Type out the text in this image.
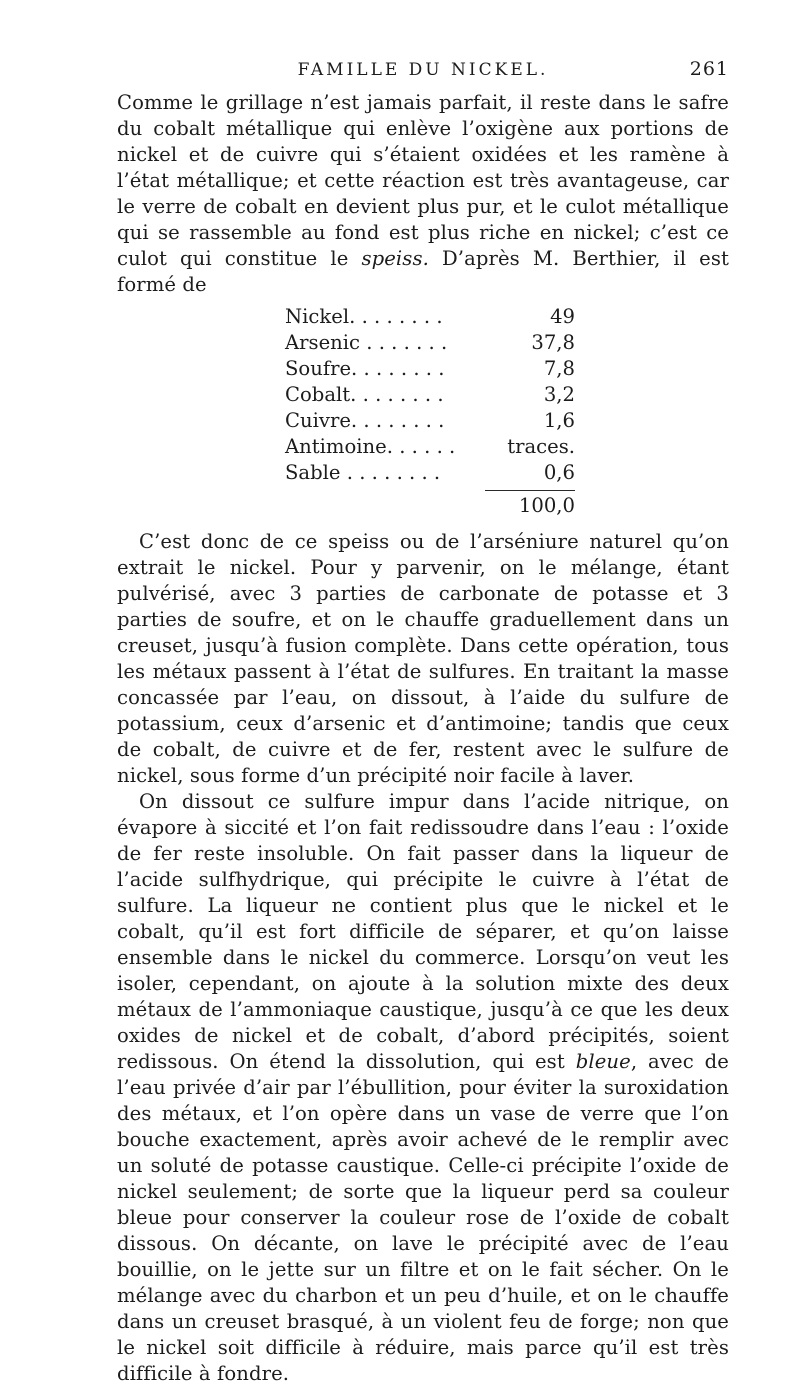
FAMILLE DU NICKEL.	261

Comme le grillage n’est jamais parfait, il reste dans le safre du cobalt métallique qui enlève l’oxigène aux portions de nickel et de cuivre qui s’étaient oxidées et les ramène à l’état métallique; et cette réaction est très avantageuse, car le verre de cobalt en devient plus pur, et le culot métallique qui se rassemble au fond est plus riche en nickel; c’est ce culot qui constitue le speiss. D’après M. Berthier, il est formé de

Nickel. . . . . . . .	49
Arsenic . . . . . . .	37,8
Soufre. . . . . . . .	7,8
Cobalt. . . . . . . .	3,2
Cuivre. . . . . . . .	1,6
Antimoine. . . . . .	traces.
Sable . . . . . . . .	0,6
100,0

C’est donc de ce speiss ou de l’arséniure naturel qu’on extrait le nickel. Pour y parvenir, on le mélange, étant pulvérisé, avec 3 parties de carbonate de potasse et 3 parties de soufre, et on le chauffe graduellement dans un creuset, jusqu’à fusion complète. Dans cette opération, tous les métaux passent à l’état de sulfures. En traitant la masse concassée par l’eau, on dissout, à l’aide du sulfure de potassium, ceux d’arsenic et d’antimoine; tandis que ceux de cobalt, de cuivre et de fer, restent avec le sulfure de nickel, sous forme d’un précipité noir facile à laver.

On dissout ce sulfure impur dans l’acide nitrique, on évapore à siccité et l’on fait redissoudre dans l’eau : l’oxide de fer reste insoluble. On fait passer dans la liqueur de l’acide sulfhydrique, qui précipite le cuivre à l’état de sulfure. La liqueur ne contient plus que le nickel et le cobalt, qu’il est fort difficile de séparer, et qu’on laisse ensemble dans le nickel du commerce. Lorsqu’on veut les isoler, cependant, on ajoute à la solution mixte des deux métaux de l’ammoniaque caustique, jusqu’à ce que les deux oxides de nickel et de cobalt, d’abord précipités, soient redissous. On étend la dissolution, qui est bleue, avec de l’eau privée d’air par l’ébullition, pour éviter la suroxidation des métaux, et l’on opère dans un vase de verre que l’on bouche exactement, après avoir achevé de le remplir avec un soluté de potasse caustique. Celle-ci précipite l’oxide de nickel seulement; de sorte que la liqueur perd sa couleur bleue pour conserver la couleur rose de l’oxide de cobalt dissous. On décante, on lave le précipité avec de l’eau bouillie, on le jette sur un filtre et on le fait sécher. On le mélange avec du charbon et un peu d’huile, et on le chauffe dans un creuset brasqué, à un violent feu de forge; non que le nickel soit difficile à réduire, mais parce qu’il est très difficile à fondre.
